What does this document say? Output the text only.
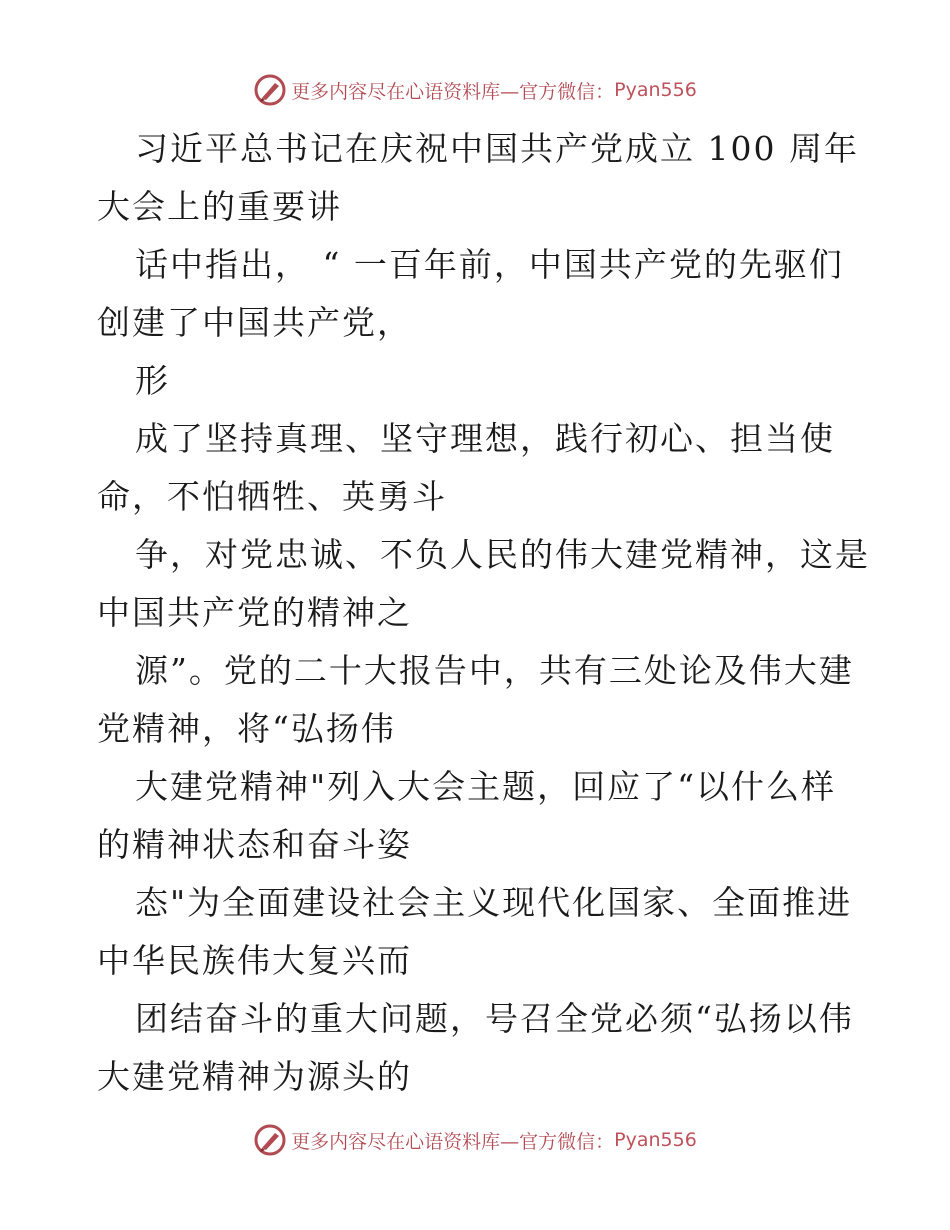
更多内容尽在心语资料库—官方微信： Pyan556
习近平总书记在庆祝中国共产党成立 100 周年
大会上的重要讲
话中指出， “ 一百年前，中国共产党的先驱们
创建了中国共产党，
形
成了坚持真理、坚守理想，践行初心、担当使
命，不怕牺牲、英勇斗
争，对党忠诚、不负人民的伟大建党精神，这是
中国共产党的精神之
源”。党的二十大报告中，共有三处论及伟大建
党精神，将“弘扬伟
大建党精神"列入大会主题，回应了“以什么样
的精神状态和奋斗姿
态"为全面建设社会主义现代化国家、全面推进
中华民族伟大复兴而
团结奋斗的重大问题，号召全党必须“弘扬以伟
大建党精神为源头的
更多内容尽在心语资料库—官方微信： Pyan556
